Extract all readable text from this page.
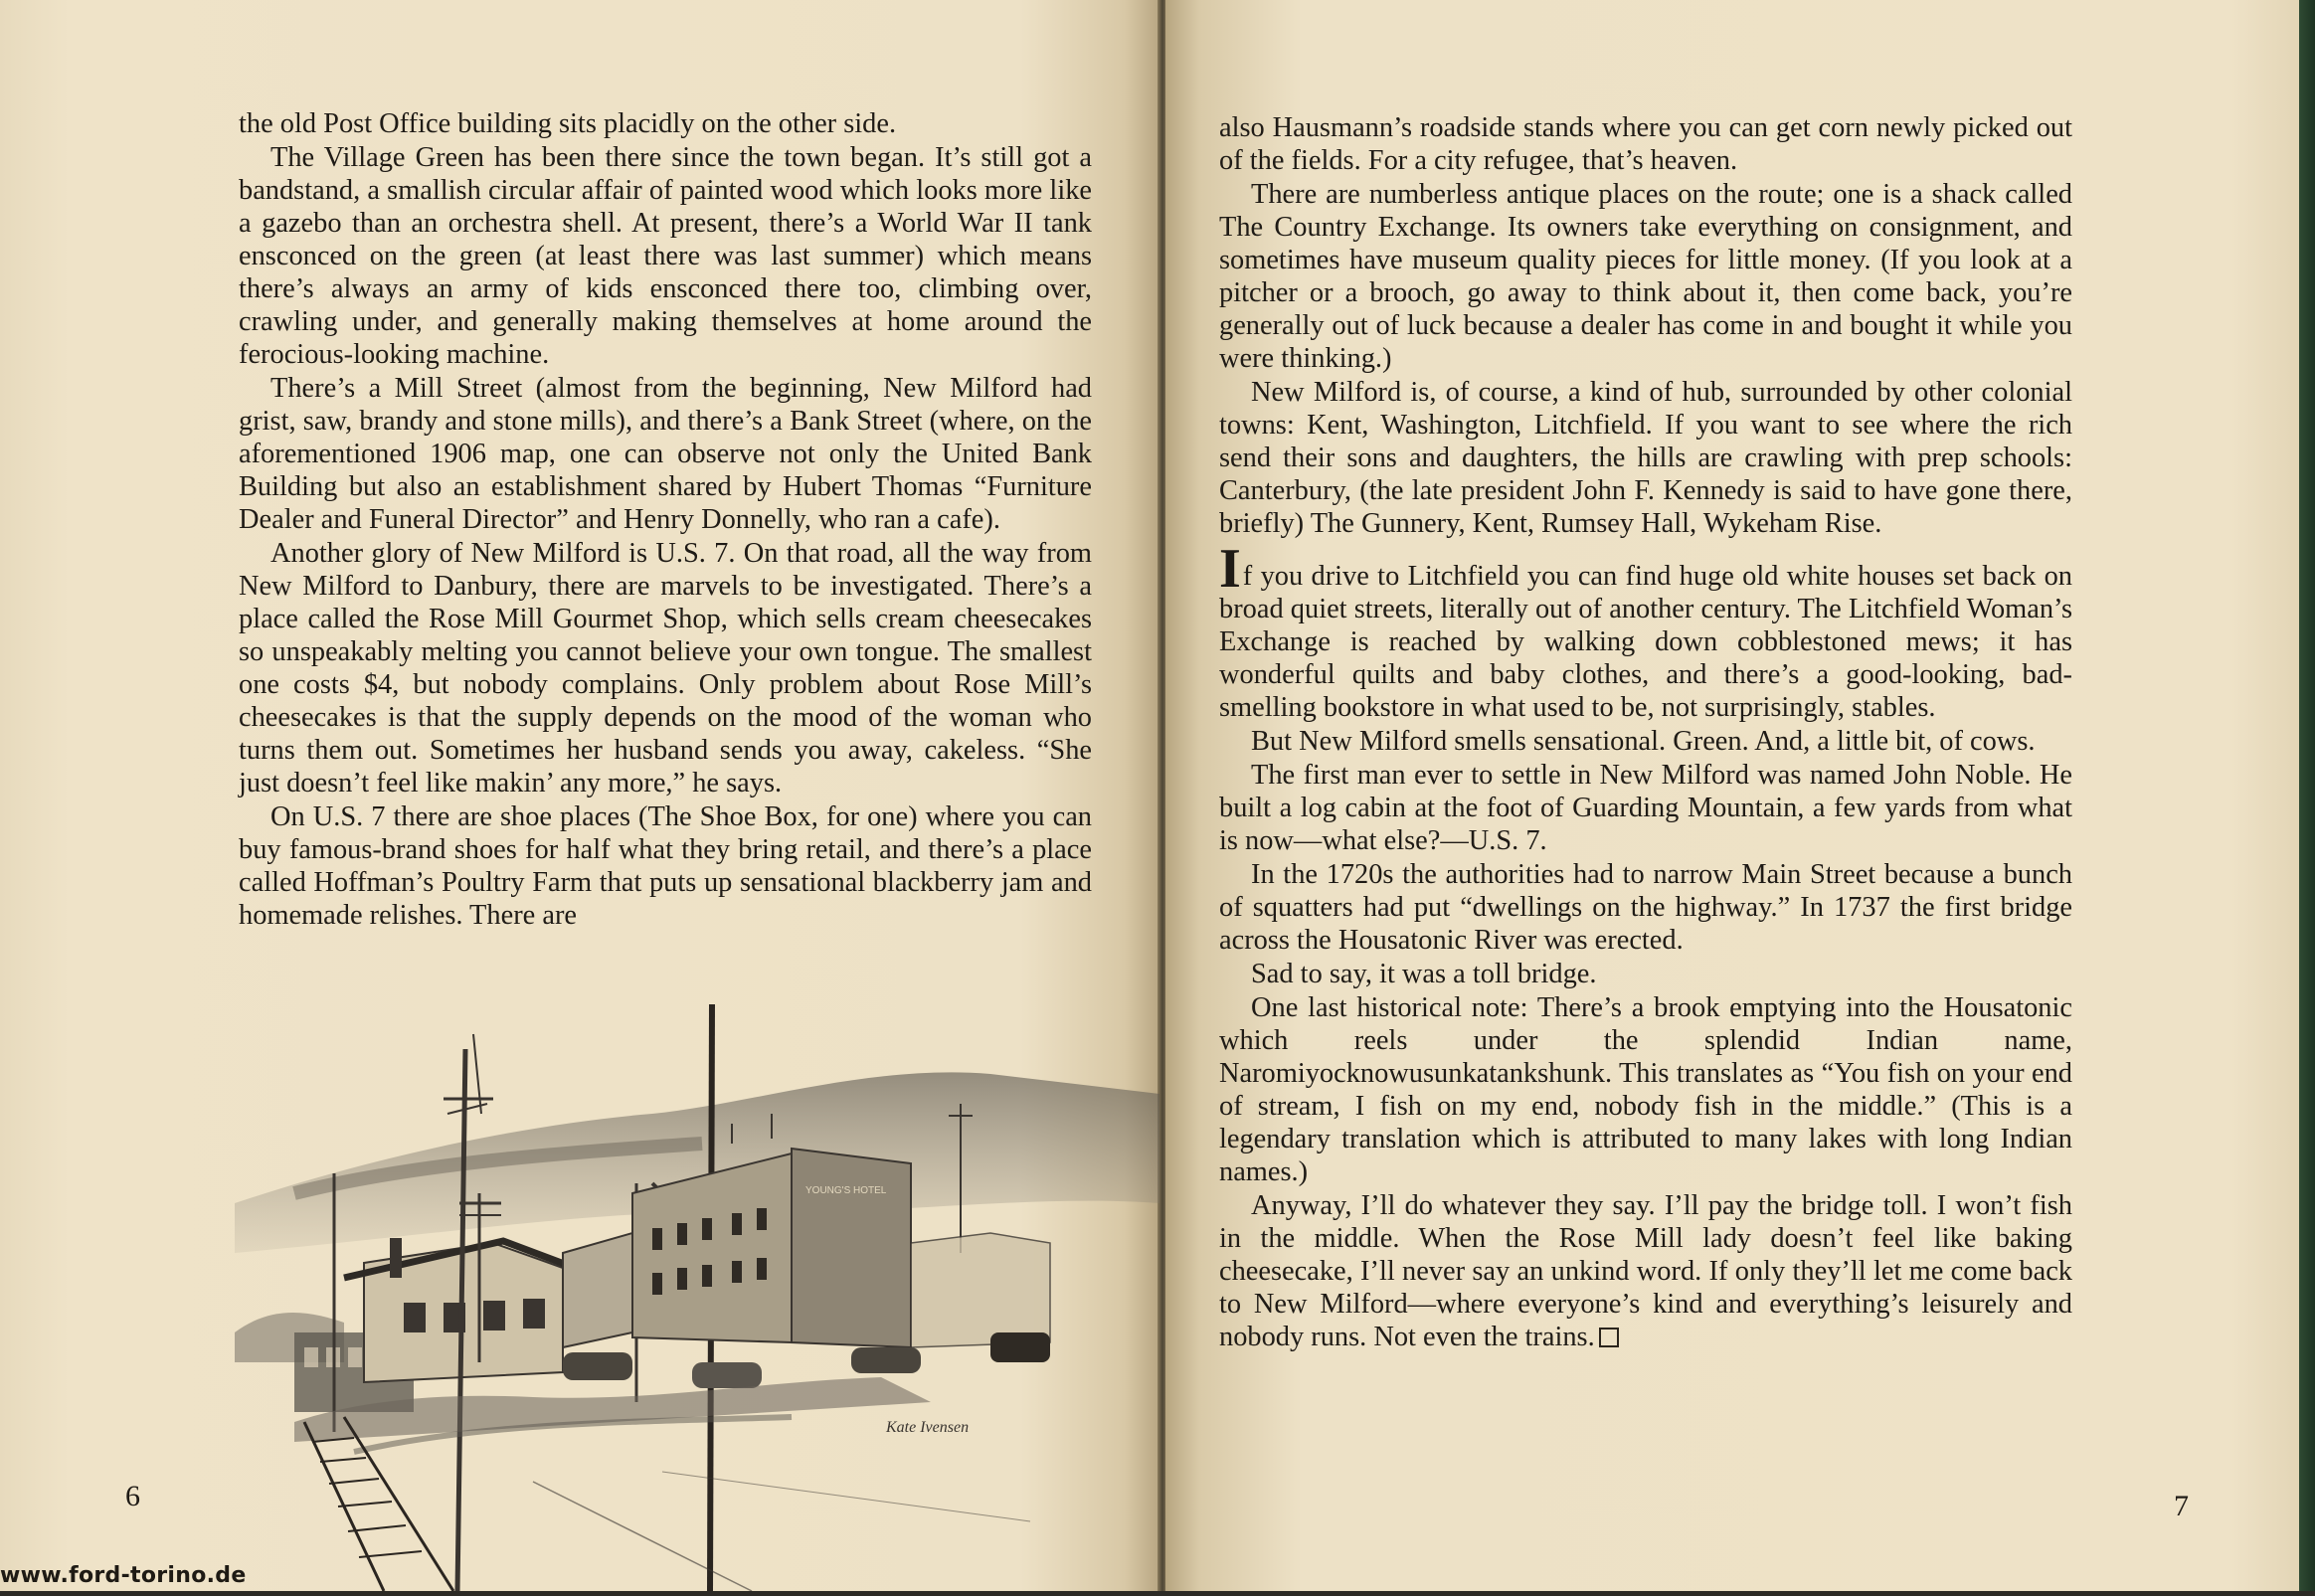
the old Post Office building sits placidly on the other side.

The Village Green has been there since the town began. It’s still got a bandstand, a smallish circular affair of painted wood which looks more like a gazebo than an orchestra shell. At present, there’s a World War II tank ensconced on the green (at least there was last summer) which means there’s always an army of kids ensconced there too, climbing over, crawling under, and generally making themselves at home around the ferocious-looking machine.

There’s a Mill Street (almost from the beginning, New Milford had grist, saw, brandy and stone mills), and there’s a Bank Street (where, on the aforementioned 1906 map, one can observe not only the United Bank Building but also an establishment shared by Hubert Thomas “Furniture Dealer and Funeral Director” and Henry Donnelly, who ran a cafe).

Another glory of New Milford is U.S. 7. On that road, all the way from New Milford to Danbury, there are marvels to be investigated. There’s a place called the Rose Mill Gourmet Shop, which sells cream cheesecakes so unspeakably melting you cannot believe your own tongue. The smallest one costs $4, but nobody complains. Only problem about Rose Mill’s cheesecakes is that the supply depends on the mood of the woman who turns them out. Sometimes her husband sends you away, cakeless. “She just doesn’t feel like makin’ any more,” he says.

On U.S. 7 there are shoe places (The Shoe Box, for one) where you can buy famous-brand shoes for half what they bring retail, and there’s a place called Hoffman’s Poultry Farm that puts up sensational blackberry jam and homemade relishes. There are

YOUNG'S HOTEL
Kate Ivensen

also Hausmann’s roadside stands where you can get corn newly picked out of the fields. For a city refugee, that’s heaven.

There are numberless antique places on the route; one is a shack called The Country Exchange. Its owners take everything on consignment, and sometimes have museum quality pieces for little money. (If you look at a pitcher or a brooch, go away to think about it, then come back, you’re generally out of luck because a dealer has come in and bought it while you were thinking.)

New Milford is, of course, a kind of hub, surrounded by other colonial towns: Kent, Washington, Litchfield. If you want to see where the rich send their sons and daughters, the hills are crawling with prep schools: Canterbury, (the late president John F. Kennedy is said to have gone there, briefly) The Gunnery, Kent, Rumsey Hall, Wykeham Rise.

If you drive to Litchfield you can find huge old white houses set back on broad quiet streets, literally out of another century. The Litchfield Woman’s Exchange is reached by walking down cobblestoned mews; it has wonderful quilts and baby clothes, and there’s a good-looking, bad-smelling bookstore in what used to be, not surprisingly, stables.

But New Milford smells sensational. Green. And, a little bit, of cows.

The first man ever to settle in New Milford was named John Noble. He built a log cabin at the foot of Guarding Mountain, a few yards from what is now—what else?—U.S. 7.

In the 1720s the authorities had to narrow Main Street because a bunch of squatters had put “dwellings on the highway.” In 1737 the first bridge across the Housatonic River was erected.

Sad to say, it was a toll bridge.

One last historical note: There’s a brook emptying into the Housatonic which reels under the splendid Indian name, Naromiyocknowusunkatankshunk. This translates as “You fish on your end of stream, I fish on my end, nobody fish in the middle.” (This is a legendary translation which is attributed to many lakes with long Indian names.)

Anyway, I’ll do whatever they say. I’ll pay the bridge toll. I won’t fish in the middle. When the Rose Mill lady doesn’t feel like baking cheesecake, I’ll never say an unkind word. If only they’ll let me come back to New Milford—where everyone’s kind and everything’s leisurely and nobody runs. Not even the trains.

6	7
www.ford-torino.de
